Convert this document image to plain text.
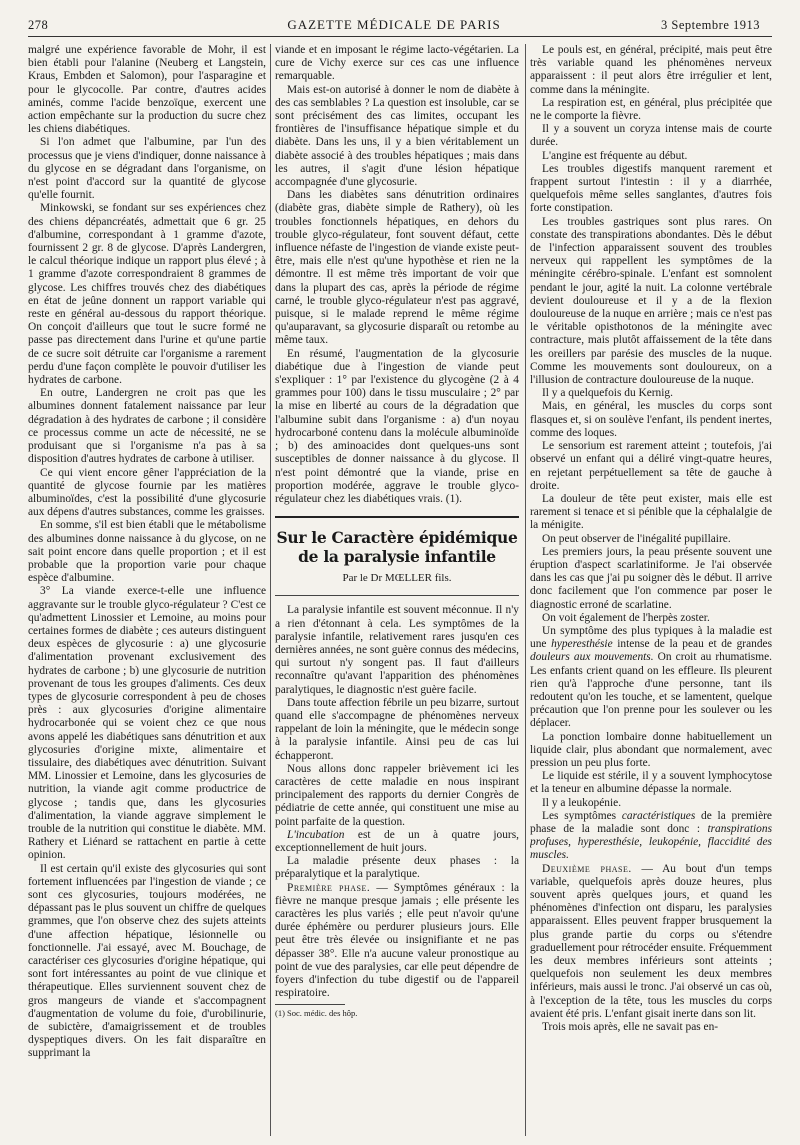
278	GAZETTE MÉDICALE DE PARIS	3 Septembre 1913

malgré une expérience favorable de Mohr, il est bien établi pour l'alanine (Neuberg et Langstein, Kraus, Embden et Salomon), pour l'asparagine et pour le glycocolle. Par contre, d'autres acides aminés, comme l'acide benzoïque, exercent une action empêchante sur la production du sucre chez les chiens diabétiques.

Si l'on admet que l'albumine, par l'un des processus que je viens d'indiquer, donne naissance à du glycose en se dégradant dans l'organisme, on n'est point d'accord sur la quantité de glycose qu'elle fournit.

Minkowski, se fondant sur ses expériences chez des chiens dépancréatés, admettait que 6 gr. 25 d'albumine, correspondant à 1 gramme d'azote, fournissent 2 gr. 8 de glycose. D'après Landergren, le calcul théorique indique un rapport plus élevé ; à 1 gramme d'azote correspondraient 8 grammes de glycose. Les chiffres trouvés chez des diabétiques en état de jeûne donnent un rapport variable qui reste en général au-dessous du rapport théorique. On conçoit d'ailleurs que tout le sucre formé ne passe pas directement dans l'urine et qu'une partie de ce sucre soit détruite car l'organisme a rarement perdu d'une façon complète le pouvoir d'utiliser les hydrates de carbone.

En outre, Landergren ne croit pas que les albumines donnent fatalement naissance par leur dégradation à des hydrates de carbone ; il considère ce processus comme un acte de nécessité, ne se produisant que si l'organisme n'a pas à sa disposition d'autres hydrates de carbone à utiliser.

Ce qui vient encore gêner l'appréciation de la quantité de glycose fournie par les matières albuminoïdes, c'est la possibilité d'une glycosurie aux dépens d'autres substances, comme les graisses.

En somme, s'il est bien établi que le métabolisme des albumines donne naissance à du glycose, on ne sait point encore dans quelle proportion ; et il est probable que la proportion varie pour chaque espèce d'albumine.

3° La viande exerce-t-elle une influence aggravante sur le trouble glyco-régulateur ? C'est ce qu'admettent Linossier et Lemoine, au moins pour certaines formes de diabète ; ces auteurs distinguent deux espèces de glycosurie : a) une glycosurie d'alimentation provenant exclusivement des hydrates de carbone ; b) une glycosurie de nutrition provenant de tous les groupes d'aliments. Ces deux types de glycosurie correspondent à peu de choses près : aux glycosuries d'origine alimentaire hydrocarbonée qui se voient chez ce que nous avons appelé les diabétiques sans dénutrition et aux glycosuries d'origine mixte, alimentaire et tissulaire, des diabétiques avec dénutrition. Suivant MM. Linossier et Lemoine, dans les glycosuries de nutrition, la viande agit comme productrice de glycose ; tandis que, dans les glycosuries d'alimentation, la viande aggrave simplement le trouble de la nutrition qui constitue le diabète. MM. Rathery et Liénard se rattachent en partie à cette opinion.

Il est certain qu'il existe des glycosuries qui sont fortement influencées par l'ingestion de viande ; ce sont ces glycosuries, toujours modérées, ne dépassant pas le plus souvent un chiffre de quelques grammes, que l'on observe chez des sujets atteints d'une affection hépatique, lésionnelle ou fonctionnelle. J'ai essayé, avec M. Bouchage, de caractériser ces glycosuries d'origine hépatique, qui sont fort intéressantes au point de vue clinique et thérapeutique. Elles surviennent souvent chez de gros mangeurs de viande et s'accompagnent d'augmentation de volume du foie, d'urobilinurie, de subictère, d'amaigrissement et de troubles dyspeptiques divers. On les fait disparaître en supprimant la

viande et en imposant le régime lacto-végétarien. La cure de Vichy exerce sur ces cas une influence remarquable.

Mais est-on autorisé à donner le nom de diabète à des cas semblables ? La question est insoluble, car se sont précisément des cas limites, occupant les frontières de l'insuffisance hépatique simple et du diabète. Dans les uns, il y a bien véritablement un diabète associé à des troubles hépatiques ; mais dans les autres, il s'agit d'une lésion hépatique accompagnée d'une glycosurie.

Dans les diabètes sans dénutrition ordinaires (diabète gras, diabète simple de Rathery), où les troubles fonctionnels hépatiques, en dehors du trouble glyco-régulateur, font souvent défaut, cette influence néfaste de l'ingestion de viande existe peut-être, mais elle n'est qu'une hypothèse et rien ne la démontre. Il est même très important de voir que dans la plupart des cas, après la période de régime carné, le trouble glyco-régulateur n'est pas aggravé, puisque, si le malade reprend le même régime qu'auparavant, sa glycosurie disparaît ou retombe au même taux.

En résumé, l'augmentation de la glycosurie diabétique due à l'ingestion de viande peut s'expliquer : 1° par l'existence du glycogène (2 à 4 grammes pour 100) dans le tissu musculaire ; 2° par la mise en liberté au cours de la dégradation que l'albumine subit dans l'organisme : a) d'un noyau hydrocarboné contenu dans la molécule albuminoïde ; b) des aminoacides dont quelques-uns sont susceptibles de donner naissance à du glycose. Il n'est point démontré que la viande, prise en proportion modérée, aggrave le trouble glyco-régulateur chez les diabétiques vrais. (1).

Sur le Caractère épidémique
de la paralysie infantile
Par le Dr MŒLLER fils.

La paralysie infantile est souvent méconnue. Il n'y a rien d'étonnant à cela. Les symptômes de la paralysie infantile, relativement rares jusqu'en ces dernières années, ne sont guère connus des médecins, qui surtout n'y songent pas. Il faut d'ailleurs reconnaître qu'avant l'apparition des phénomènes paralytiques, le diagnostic n'est guère facile.

Dans toute affection fébrile un peu bizarre, surtout quand elle s'accompagne de phénomènes nerveux rappelant de loin la méningite, que le médecin songe à la paralysie infantile. Ainsi peu de cas lui échapperont.

Nous allons donc rappeler brièvement ici les caractères de cette maladie en nous inspirant principalement des rapports du dernier Congrès de pédiatrie de cette année, qui constituent une mise au point parfaite de la question.

L'incubation est de un à quatre jours, exceptionnellement de huit jours.

La maladie présente deux phases : la préparalytique et la paralytique.

Première phase. — Symptômes généraux : la fièvre ne manque presque jamais ; elle présente les caractères les plus variés ; elle peut n'avoir qu'une durée éphémère ou perdurer plusieurs jours. Elle peut être très élevée ou insignifiante et ne pas dépasser 38°. Elle n'a aucune valeur pronostique au point de vue des paralysies, car elle peut dépendre de foyers d'infection du tube digestif ou de l'appareil respiratoire.

(1) Soc. médic. des hôp.

Le pouls est, en général, précipité, mais peut être très variable quand les phénomènes nerveux apparaissent : il peut alors être irrégulier et lent, comme dans la méningite.

La respiration est, en général, plus précipitée que ne le comporte la fièvre.

Il y a souvent un coryza intense mais de courte durée.

L'angine est fréquente au début.

Les troubles digestifs manquent rarement et frappent surtout l'intestin : il y a diarrhée, quelquefois même selles sanglantes, d'autres fois forte constipation.

Les troubles gastriques sont plus rares. On constate des transpirations abondantes. Dès le début de l'infection apparaissent souvent des troubles nerveux qui rappellent les symptômes de la méningite cérébro-spinale. L'enfant est somnolent pendant le jour, agité la nuit. La colonne vertébrale devient douloureuse et il y a de la flexion douloureuse de la nuque en arrière ; mais ce n'est pas le véritable opisthotonos de la méningite avec contracture, mais plutôt affaissement de la tête dans les oreillers par parésie des muscles de la nuque. Comme les mouvements sont douloureux, on a l'illusion de contracture douloureuse de la nuque.

Il y a quelquefois du Kernig.

Mais, en général, les muscles du corps sont flasques et, si on soulève l'enfant, ils pendent inertes, comme des loques.

Le sensorium est rarement atteint ; toutefois, j'ai observé un enfant qui a déliré vingt-quatre heures, en rejetant perpétuellement sa tête de gauche à droite.

La douleur de tête peut exister, mais elle est rarement si tenace et si pénible que la céphalalgie de la ménigite.

On peut observer de l'inégalité pupillaire.

Les premiers jours, la peau présente souvent une éruption d'aspect scarlatiniforme. Je l'ai observée dans les cas que j'ai pu soigner dès le début. Il arrive donc facilement que l'on commence par poser le diagnostic erroné de scarlatine.

On voit également de l'herpès zoster.

Un symptôme des plus typiques à la maladie est une hyperesthésie intense de la peau et de grandes douleurs aux mouvements. On croit au rhumatisme. Les enfants crient quand on les effleure. Ils pleurent rien qu'à l'approche d'une personne, tant ils redoutent qu'on les touche, et se lamentent, quelque précaution que l'on prenne pour les soulever ou les déplacer.

La ponction lombaire donne habituellement un liquide clair, plus abondant que normalement, avec pression un peu plus forte.

Le liquide est stérile, il y a souvent lymphocytose et la teneur en albumine dépasse la normale.

Il y a leukopénie.

Les symptômes caractéristiques de la première phase de la maladie sont donc : transpirations profuses, hyperesthésie, leukopénie, flaccidité des muscles.

Deuxième phase. — Au bout d'un temps variable, quelquefois après douze heures, plus souvent après quelques jours, et quand les phénomènes d'infection ont disparu, les paralysies apparaissent. Elles peuvent frapper brusquement la plus grande partie du corps ou s'étendre graduellement pour rétrocéder ensuite. Fréquemment les deux membres inférieurs sont atteints ; quelquefois non seulement les deux membres inférieurs, mais aussi le tronc. J'ai observé un cas où, à l'exception de la tête, tous les muscles du corps avaient été pris. L'enfant gisait inerte dans son lit.

Trois mois après, elle ne savait pas en-
